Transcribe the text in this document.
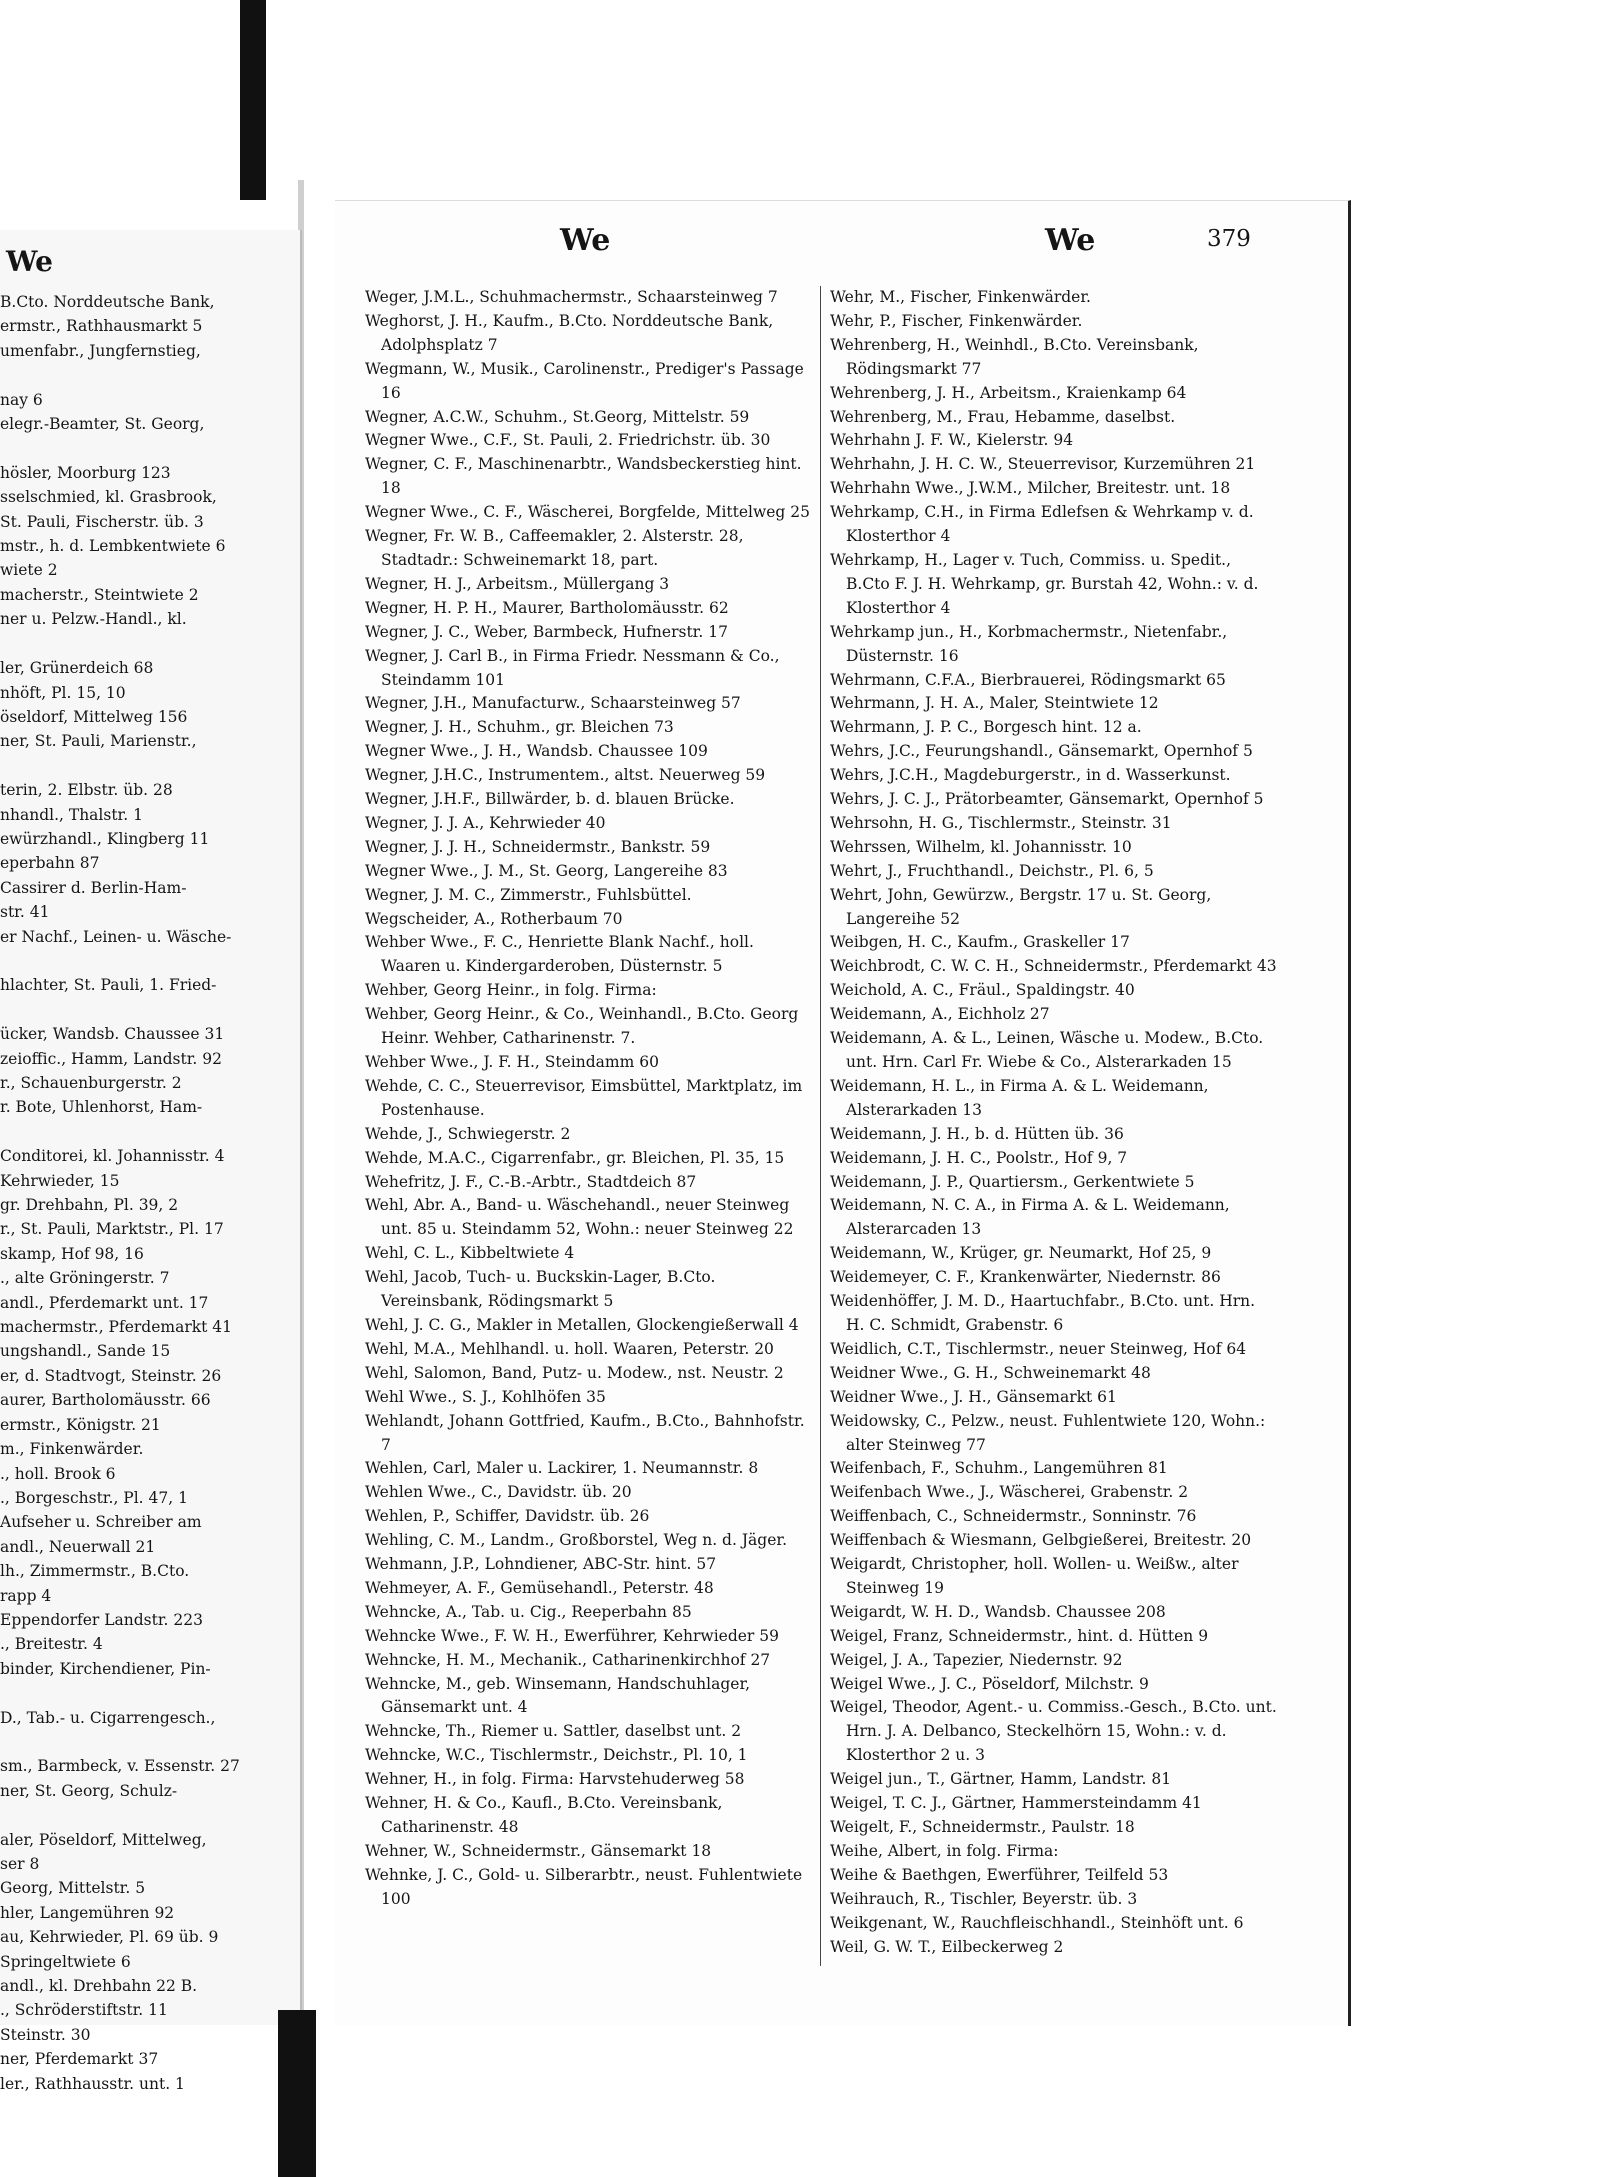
We
B.Cto. Norddeutsche Bank,
ermstr., Rathhausmarkt 5
umenfabr., Jungfernstieg,

nay 6
elegr.-Beamter, St. Georg,

hösler, Moorburg 123
sselschmied, kl. Grasbrook,
St. Pauli, Fischerstr. üb. 3
mstr., h. d. Lembkentwiete 6
wiete 2
macherstr., Steintwiete 2
ner u. Pelzw.-Handl., kl.

ler, Grünerdeich 68
nhöft, Pl. 15, 10
öseldorf, Mittelweg 156
ner, St. Pauli, Marienstr.,

terin, 2. Elbstr. üb. 28
nhandl., Thalstr. 1
ewürzhandl., Klingberg 11
eperbahn 87
Cassirer d. Berlin-Ham-
str. 41
er Nachf., Leinen- u. Wäsche-

hlachter, St. Pauli, 1. Fried-

ücker, Wandsb. Chaussee 31
zeioffic., Hamm, Landstr. 92
r., Schauenburgerstr. 2
r. Bote, Uhlenhorst, Ham-

Conditorei, kl. Johannisstr. 4
Kehrwieder, 15
gr. Drehbahn, Pl. 39, 2
r., St. Pauli, Marktstr., Pl. 17
skamp, Hof 98, 16
., alte Gröningerstr. 7
andl., Pferdemarkt unt. 17
machermstr., Pferdemarkt 41
ungshandl., Sande 15
er, d. Stadtvogt, Steinstr. 26
aurer, Bartholomäusstr. 66
ermstr., Königstr. 21
m., Finkenwärder.
., holl. Brook 6
., Borgeschstr., Pl. 47, 1
Aufseher u. Schreiber am
andl., Neuerwall 21
lh., Zimmermstr., B.Cto.
rapp 4
Eppendorfer Landstr. 223
., Breitestr. 4
binder, Kirchendiener, Pin-

D., Tab.- u. Cigarrengesch.,

sm., Barmbeck, v. Essenstr. 27
ner, St. Georg, Schulz-

aler, Pöseldorf, Mittelweg,
ser 8
Georg, Mittelstr. 5
hler, Langemühren 92
au, Kehrwieder, Pl. 69 üb. 9
Springeltwiete 6
andl., kl. Drehbahn 22 B.
., Schröderstiftstr. 11
Steinstr. 30
ner, Pferdemarkt 37
ler., Rathhausstr. unt. 1
We	We	379
Weger, J.M.L., Schuhmachermstr., Schaarsteinweg 7
Weghorst, J. H., Kaufm., B.Cto. Norddeutsche Bank, Adolphsplatz 7
Wegmann, W., Musik., Carolinenstr., Prediger's Passage 16
Wegner, A.C.W., Schuhm., St.Georg, Mittelstr. 59
Wegner Wwe., C.F., St. Pauli, 2. Friedrichstr. üb. 30
Wegner, C. F., Maschinenarbtr., Wandsbeckerstieg hint. 18
Wegner Wwe., C. F., Wäscherei, Borgfelde, Mittelweg 25
Wegner, Fr. W. B., Caffeemakler, 2. Alsterstr. 28, Stadtadr.: Schweinemarkt 18, part.
Wegner, H. J., Arbeitsm., Müllergang 3
Wegner, H. P. H., Maurer, Bartholomäusstr. 62
Wegner, J. C., Weber, Barmbeck, Hufnerstr. 17
Wegner, J. Carl B., in Firma Friedr. Nessmann & Co., Steindamm 101
Wegner, J.H., Manufacturw., Schaarsteinweg 57
Wegner, J. H., Schuhm., gr. Bleichen 73
Wegner Wwe., J. H., Wandsb. Chaussee 109
Wegner, J.H.C., Instrumentem., altst. Neuerweg 59
Wegner, J.H.F., Billwärder, b. d. blauen Brücke.
Wegner, J. J. A., Kehrwieder 40
Wegner, J. J. H., Schneidermstr., Bankstr. 59
Wegner Wwe., J. M., St. Georg, Langereihe 83
Wegner, J. M. C., Zimmerstr., Fuhlsbüttel.
Wegscheider, A., Rotherbaum 70
Wehber Wwe., F. C., Henriette Blank Nachf., holl. Waaren u. Kindergarderoben, Düsternstr. 5
Wehber, Georg Heinr., in folg. Firma:
Wehber, Georg Heinr., & Co., Weinhandl., B.Cto. Georg Heinr. Wehber, Catharinenstr. 7.
Wehber Wwe., J. F. H., Steindamm 60
Wehde, C. C., Steuerrevisor, Eimsbüttel, Marktplatz, im Postenhause.
Wehde, J., Schwiegerstr. 2
Wehde, M.A.C., Cigarrenfabr., gr. Bleichen, Pl. 35, 15
Wehefritz, J. F., C.-B.-Arbtr., Stadtdeich 87
Wehl, Abr. A., Band- u. Wäschehandl., neuer Steinweg unt. 85 u. Steindamm 52, Wohn.: neuer Steinweg 22
Wehl, C. L., Kibbeltwiete 4
Wehl, Jacob, Tuch- u. Buckskin-Lager, B.Cto. Vereinsbank, Rödingsmarkt 5
Wehl, J. C. G., Makler in Metallen, Glockengießerwall 4
Wehl, M.A., Mehlhandl. u. holl. Waaren, Peterstr. 20
Wehl, Salomon, Band, Putz- u. Modew., nst. Neustr. 2
Wehl Wwe., S. J., Kohlhöfen 35
Wehlandt, Johann Gottfried, Kaufm., B.Cto., Bahnhofstr. 7
Wehlen, Carl, Maler u. Lackirer, 1. Neumannstr. 8
Wehlen Wwe., C., Davidstr. üb. 20
Wehlen, P., Schiffer, Davidstr. üb. 26
Wehling, C. M., Landm., Großborstel, Weg n. d. Jäger.
Wehmann, J.P., Lohndiener, ABC-Str. hint. 57
Wehmeyer, A. F., Gemüsehandl., Peterstr. 48
Wehncke, A., Tab. u. Cig., Reeperbahn 85
Wehncke Wwe., F. W. H., Ewerführer, Kehrwieder 59
Wehncke, H. M., Mechanik., Catharinenkirchhof 27
Wehncke, M., geb. Winsemann, Handschuhlager, Gänsemarkt unt. 4
Wehncke, Th., Riemer u. Sattler, daselbst unt. 2
Wehncke, W.C., Tischlermstr., Deichstr., Pl. 10, 1
Wehner, H., in folg. Firma: Harvstehuderweg 58
Wehner, H. & Co., Kaufl., B.Cto. Vereinsbank, Catharinenstr. 48
Wehner, W., Schneidermstr., Gänsemarkt 18
Wehnke, J. C., Gold- u. Silberarbtr., neust. Fuhlentwiete 100
Wehr, M., Fischer, Finkenwärder.
Wehr, P., Fischer, Finkenwärder.
Wehrenberg, H., Weinhdl., B.Cto. Vereinsbank, Rödingsmarkt 77
Wehrenberg, J. H., Arbeitsm., Kraienkamp 64
Wehrenberg, M., Frau, Hebamme, daselbst.
Wehrhahn J. F. W., Kielerstr. 94
Wehrhahn, J. H. C. W., Steuerrevisor, Kurzemühren 21
Wehrhahn Wwe., J.W.M., Milcher, Breitestr. unt. 18
Wehrkamp, C.H., in Firma Edlefsen & Wehrkamp v. d. Klosterthor 4
Wehrkamp, H., Lager v. Tuch, Commiss. u. Spedit., B.Cto F. J. H. Wehrkamp, gr. Burstah 42, Wohn.: v. d. Klosterthor 4
Wehrkamp jun., H., Korbmachermstr., Nietenfabr., Düsternstr. 16
Wehrmann, C.F.A., Bierbrauerei, Rödingsmarkt 65
Wehrmann, J. H. A., Maler, Steintwiete 12
Wehrmann, J. P. C., Borgesch hint. 12 a.
Wehrs, J.C., Feurungshandl., Gänsemarkt, Opernhof 5
Wehrs, J.C.H., Magdeburgerstr., in d. Wasserkunst.
Wehrs, J. C. J., Prätorbeamter, Gänsemarkt, Opernhof 5
Wehrsohn, H. G., Tischlermstr., Steinstr. 31
Wehrssen, Wilhelm, kl. Johannisstr. 10
Wehrt, J., Fruchthandl., Deichstr., Pl. 6, 5
Wehrt, John, Gewürzw., Bergstr. 17 u. St. Georg, Langereihe 52
Weibgen, H. C., Kaufm., Graskeller 17
Weichbrodt, C. W. C. H., Schneidermstr., Pferdemarkt 43
Weichold, A. C., Fräul., Spaldingstr. 40
Weidemann, A., Eichholz 27
Weidemann, A. & L., Leinen, Wäsche u. Modew., B.Cto. unt. Hrn. Carl Fr. Wiebe & Co., Alsterarkaden 15
Weidemann, H. L., in Firma A. & L. Weidemann, Alsterarkaden 13
Weidemann, J. H., b. d. Hütten üb. 36
Weidemann, J. H. C., Poolstr., Hof 9, 7
Weidemann, J. P., Quartiersm., Gerkentwiete 5
Weidemann, N. C. A., in Firma A. & L. Weidemann, Alsterarcaden 13
Weidemann, W., Krüger, gr. Neumarkt, Hof 25, 9
Weidemeyer, C. F., Krankenwärter, Niedernstr. 86
Weidenhöffer, J. M. D., Haartuchfabr., B.Cto. unt. Hrn. H. C. Schmidt, Grabenstr. 6
Weidlich, C.T., Tischlermstr., neuer Steinweg, Hof 64
Weidner Wwe., G. H., Schweinemarkt 48
Weidner Wwe., J. H., Gänsemarkt 61
Weidowsky, C., Pelzw., neust. Fuhlentwiete 120, Wohn.: alter Steinweg 77
Weifenbach, F., Schuhm., Langemühren 81
Weifenbach Wwe., J., Wäscherei, Grabenstr. 2
Weiffenbach, C., Schneidermstr., Sonninstr. 76
Weiffenbach & Wiesmann, Gelbgießerei, Breitestr. 20
Weigardt, Christopher, holl. Wollen- u. Weißw., alter Steinweg 19
Weigardt, W. H. D., Wandsb. Chaussee 208
Weigel, Franz, Schneidermstr., hint. d. Hütten 9
Weigel, J. A., Tapezier, Niedernstr. 92
Weigel Wwe., J. C., Pöseldorf, Milchstr. 9
Weigel, Theodor, Agent.- u. Commiss.-Gesch., B.Cto. unt. Hrn. J. A. Delbanco, Steckelhörn 15, Wohn.: v. d. Klosterthor 2 u. 3
Weigel jun., T., Gärtner, Hamm, Landstr. 81
Weigel, T. C. J., Gärtner, Hammersteindamm 41
Weigelt, F., Schneidermstr., Paulstr. 18
Weihe, Albert, in folg. Firma:
Weihe & Baethgen, Ewerführer, Teilfeld 53
Weihrauch, R., Tischler, Beyerstr. üb. 3
Weikgenant, W., Rauchfleischhandl., Steinhöft unt. 6
Weil, G. W. T., Eilbeckerweg 2
